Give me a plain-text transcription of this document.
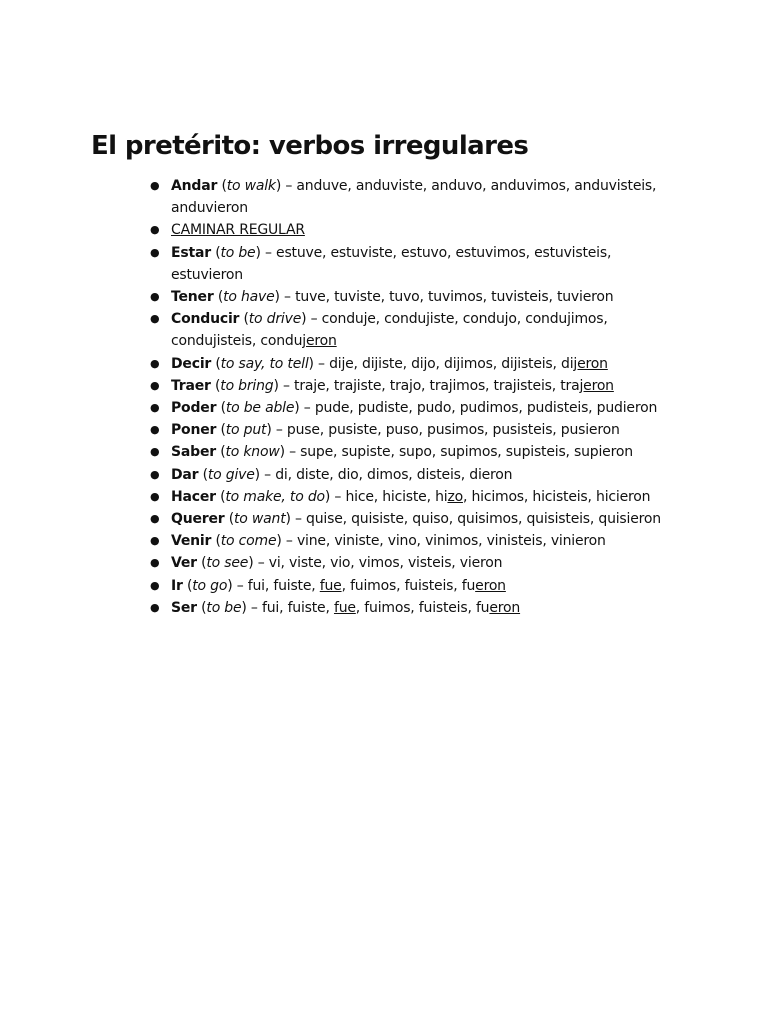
El pretérito: verbos irregulares
● Andar (to walk) – anduve, anduviste, anduvo, anduvimos, anduvisteis, anduvieron
● CAMINAR REGULAR
● Estar (to be) – estuve, estuviste, estuvo, estuvimos, estuvisteis, estuvieron
● Tener (to have) – tuve, tuviste, tuvo, tuvimos, tuvisteis, tuvieron
● Conducir (to drive) – conduje, condujiste, condujo, condujimos, condujisteis, condujeron
● Decir (to say, to tell) – dije, dijiste, dijo, dijimos, dijisteis, dijeron
● Traer (to bring) – traje, trajiste, trajo, trajimos, trajisteis, trajeron
● Poder (to be able) – pude, pudiste, pudo, pudimos, pudisteis, pudieron
● Poner (to put) – puse, pusiste, puso, pusimos, pusisteis, pusieron
● Saber (to know) – supe, supiste, supo, supimos, supisteis, supieron
● Dar (to give) – di, diste, dio, dimos, disteis, dieron
● Hacer (to make, to do) – hice, hiciste, hizo, hicimos, hicisteis, hicieron
● Querer (to want) – quise, quisiste, quiso, quisimos, quisisteis, quisieron
● Venir (to come) – vine, viniste, vino, vinimos, vinisteis, vinieron
● Ver (to see) – vi, viste, vio, vimos, visteis, vieron
● Ir (to go) – fui, fuiste, fue, fuimos, fuisteis, fueron
● Ser (to be) – fui, fuiste, fue, fuimos, fuisteis, fueron
